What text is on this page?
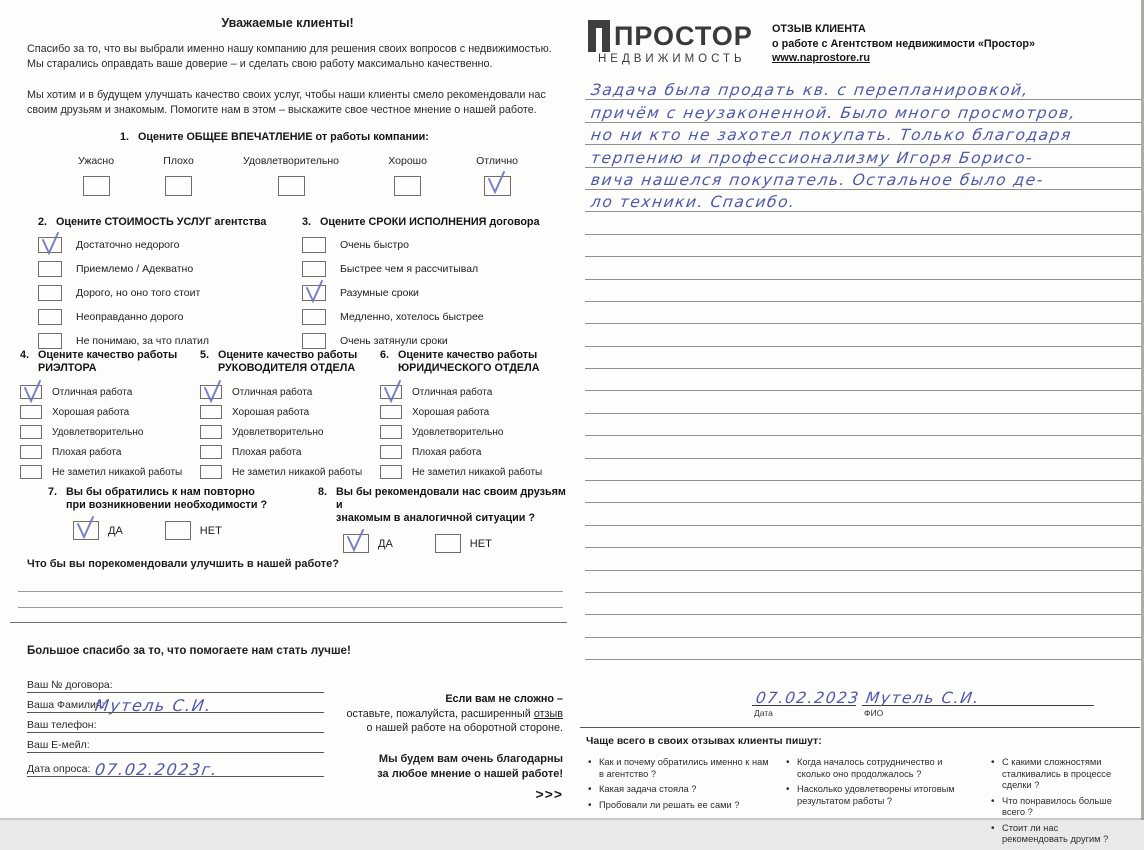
Уважаемые клиенты!
Спасибо за то, что вы выбрали именно нашу компанию для решения своих вопросов с недвижимостью. Мы старались оправдать ваше доверие – и сделать свою работу максимально качественно.
Мы хотим и в будущем улучшать качество своих услуг, чтобы наши клиенты смело рекомендовали нас своим друзьям и знакомым. Помогите нам в этом – выскажите свое честное мнение о нашей работе.
1. Оцените ОБЩЕЕ ВПЕЧАТЛЕНИЕ от работы компании:
Ужасно	Плохо	Удовлетворительно	Хорошо	Отлично
2. Оцените СТОИМОСТЬ УСЛУГ агентства
Достаточно недорого
Приемлемо / Адекватно
Дорого, но оно того стоит
Неоправданно дорого
Не понимаю, за что платил
3. Оцените СРОКИ ИСПОЛНЕНИЯ договора
Очень быстро
Быстрее чем я рассчитывал
Разумные сроки
Медленно, хотелось быстрее
Очень затянули сроки
4. Оцените качество работы
РИЭЛТОРА
Отличная работа
Хорошая работа
Удовлетворительно
Плохая работа
Не заметил никакой работы
5. Оцените качество работы
РУКОВОДИТЕЛЯ ОТДЕЛА
Отличная работа
Хорошая работа
Удовлетворительно
Плохая работа
Не заметил никакой работы
6. Оцените качество работы
ЮРИДИЧЕСКОГО ОТДЕЛА
Отличная работа
Хорошая работа
Удовлетворительно
Плохая работа
Не заметил никакой работы
7. Вы бы обратились к нам повторно
при возникновении необходимости ?
ДА	НЕТ
8. Вы бы рекомендовали нас своим друзьям и
знакомым в аналогичной ситуации ?
ДА	НЕТ
Что бы вы порекомендовали улучшить в нашей работе?
Большое спасибо за то, что помогаете нам стать лучше!
Ваш № договора:
Ваша Фамилия:
Мутель С.И.
Ваш телефон:
Ваш Е-мейл:
Дата опроса: 07.02.2023г.
Если вам не сложно –
оставьте, пожалуйста, расширенный отзыв
о нашей работе на оборотной стороне.
Мы будем вам очень благодарны
за любое мнение о нашей работе!
>>>
ПРОСТОР
НЕДВИЖИМОСТЬ
ОТЗЫВ КЛИЕНТА
о работе с Агентством недвижимости «Простор»
www.naprostore.ru
Задача была продать кв. с перепланировкой,
причём с неузаконенной. Было много просмотров,
но ни кто не захотел покупать. Только благодаря
терпению и профессионализму Игоря Борисо-
вича нашелся покупатель. Остальное было де-
ло техники. Спасибо.
07.02.2023
Дата
Мутель С.И.
ФИО
Чаще всего в своих отзывах клиенты пишут:
• Как и почему обратились именно к нам в агентство ?
• Какая задача стояла ?
• Пробовали ли решать ее сами ?
• Когда началось сотрудничество и сколько оно продолжалось ?
• Насколько удовлетворены итоговым результатом работы ?
• С какими сложностями сталкивались в процессе сделки ?
• Что понравилось больше всего ?
• Стоит ли нас рекомендовать другим ?
